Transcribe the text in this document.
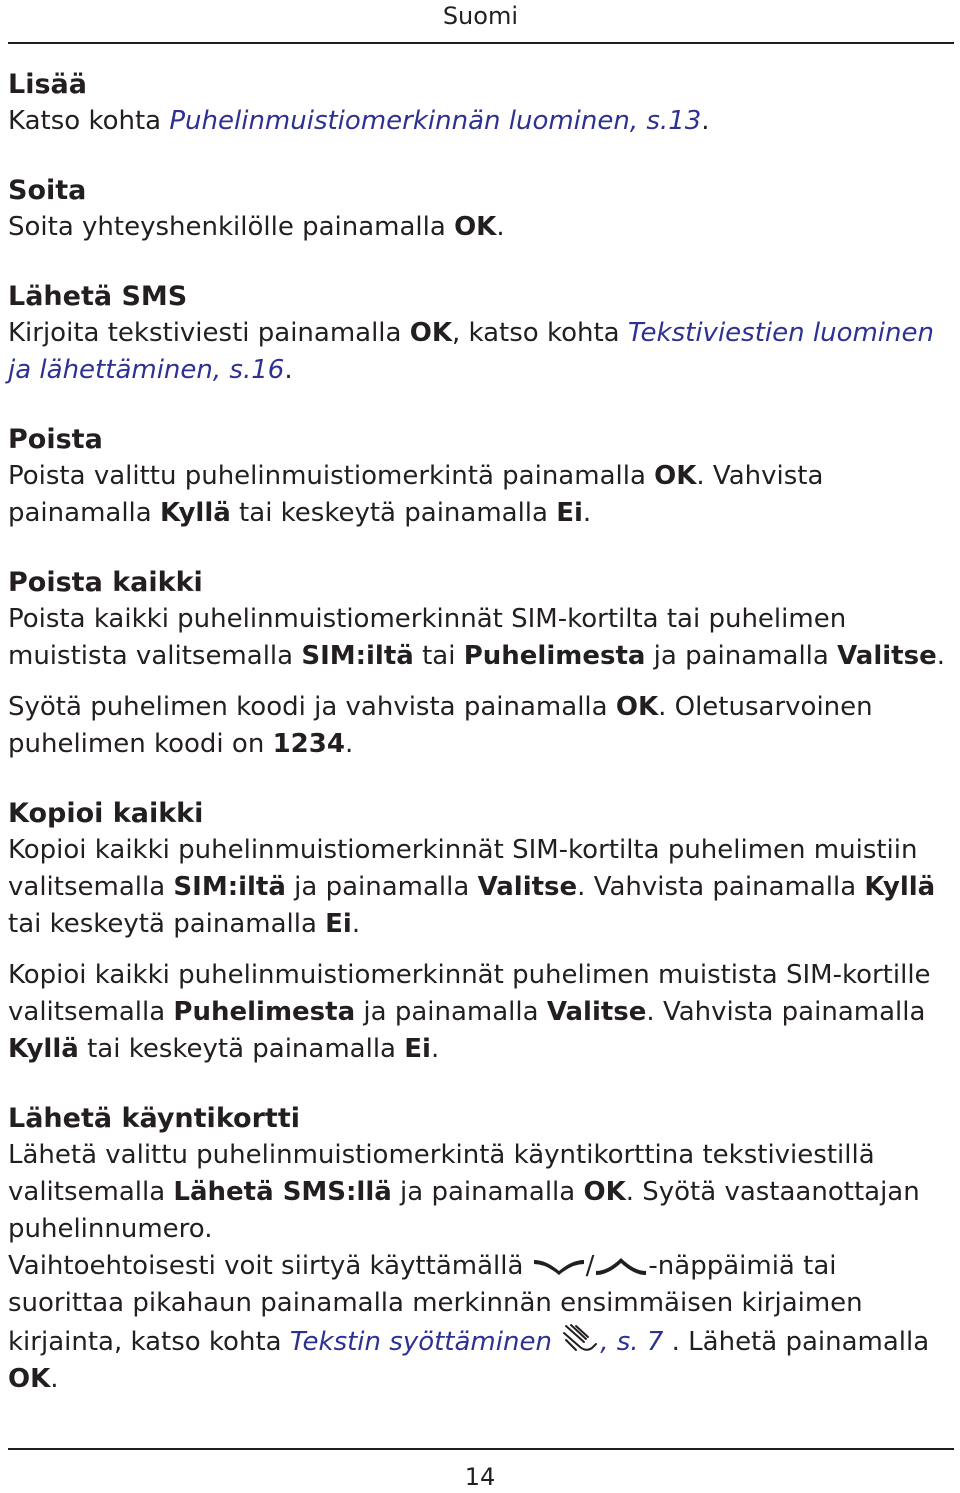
Suomi
Lisää

Katso kohta Puhelinmuistiomerkinnän luominen, s.13.

Soita

Soita yhteyshenkilölle painamalla OK.

Lähetä SMS

Kirjoita tekstiviesti painamalla OK, katso kohta Tekstiviestien luominen ja lähettäminen, s.16.

Poista

Poista valittu puhelinmuistiomerkintä painamalla OK. Vahvista painamalla Kyllä tai keskeytä painamalla Ei.

Poista kaikki

Poista kaikki puhelinmuistiomerkinnät SIM-kortilta tai puhelimen muistista valitsemalla SIM:iltä tai Puhelimesta ja painamalla Valitse.

Syötä puhelimen koodi ja vahvista painamalla OK. Oletusarvoinen puhelimen koodi on 1234.

Kopioi kaikki

Kopioi kaikki puhelinmuistiomerkinnät SIM-kortilta puhelimen muistiin valitsemalla SIM:iltä ja painamalla Valitse. Vahvista painamalla Kyllä tai keskeytä painamalla Ei.

Kopioi kaikki puhelinmuistiomerkinnät puhelimen muistista SIM-kortille valitsemalla Puhelimesta ja painamalla Valitse. Vahvista painamalla Kyllä tai keskeytä painamalla Ei.

Lähetä käyntikortti

Lähetä valittu puhelinmuistiomerkintä käyntikorttina tekstiviestillä valitsemalla Lähetä SMS:llä ja painamalla OK. Syötä vastaanottajan puhelinnumero.

Vaihtoehtoisesti voit siirtyä käyttämällä / -näppäimiä tai suorittaa pikahaun painamalla merkinnän ensimmäisen kirjaimen kirjainta, katso kohta Tekstin syöttäminen , s. 7 . Lähetä painamalla OK.

14
